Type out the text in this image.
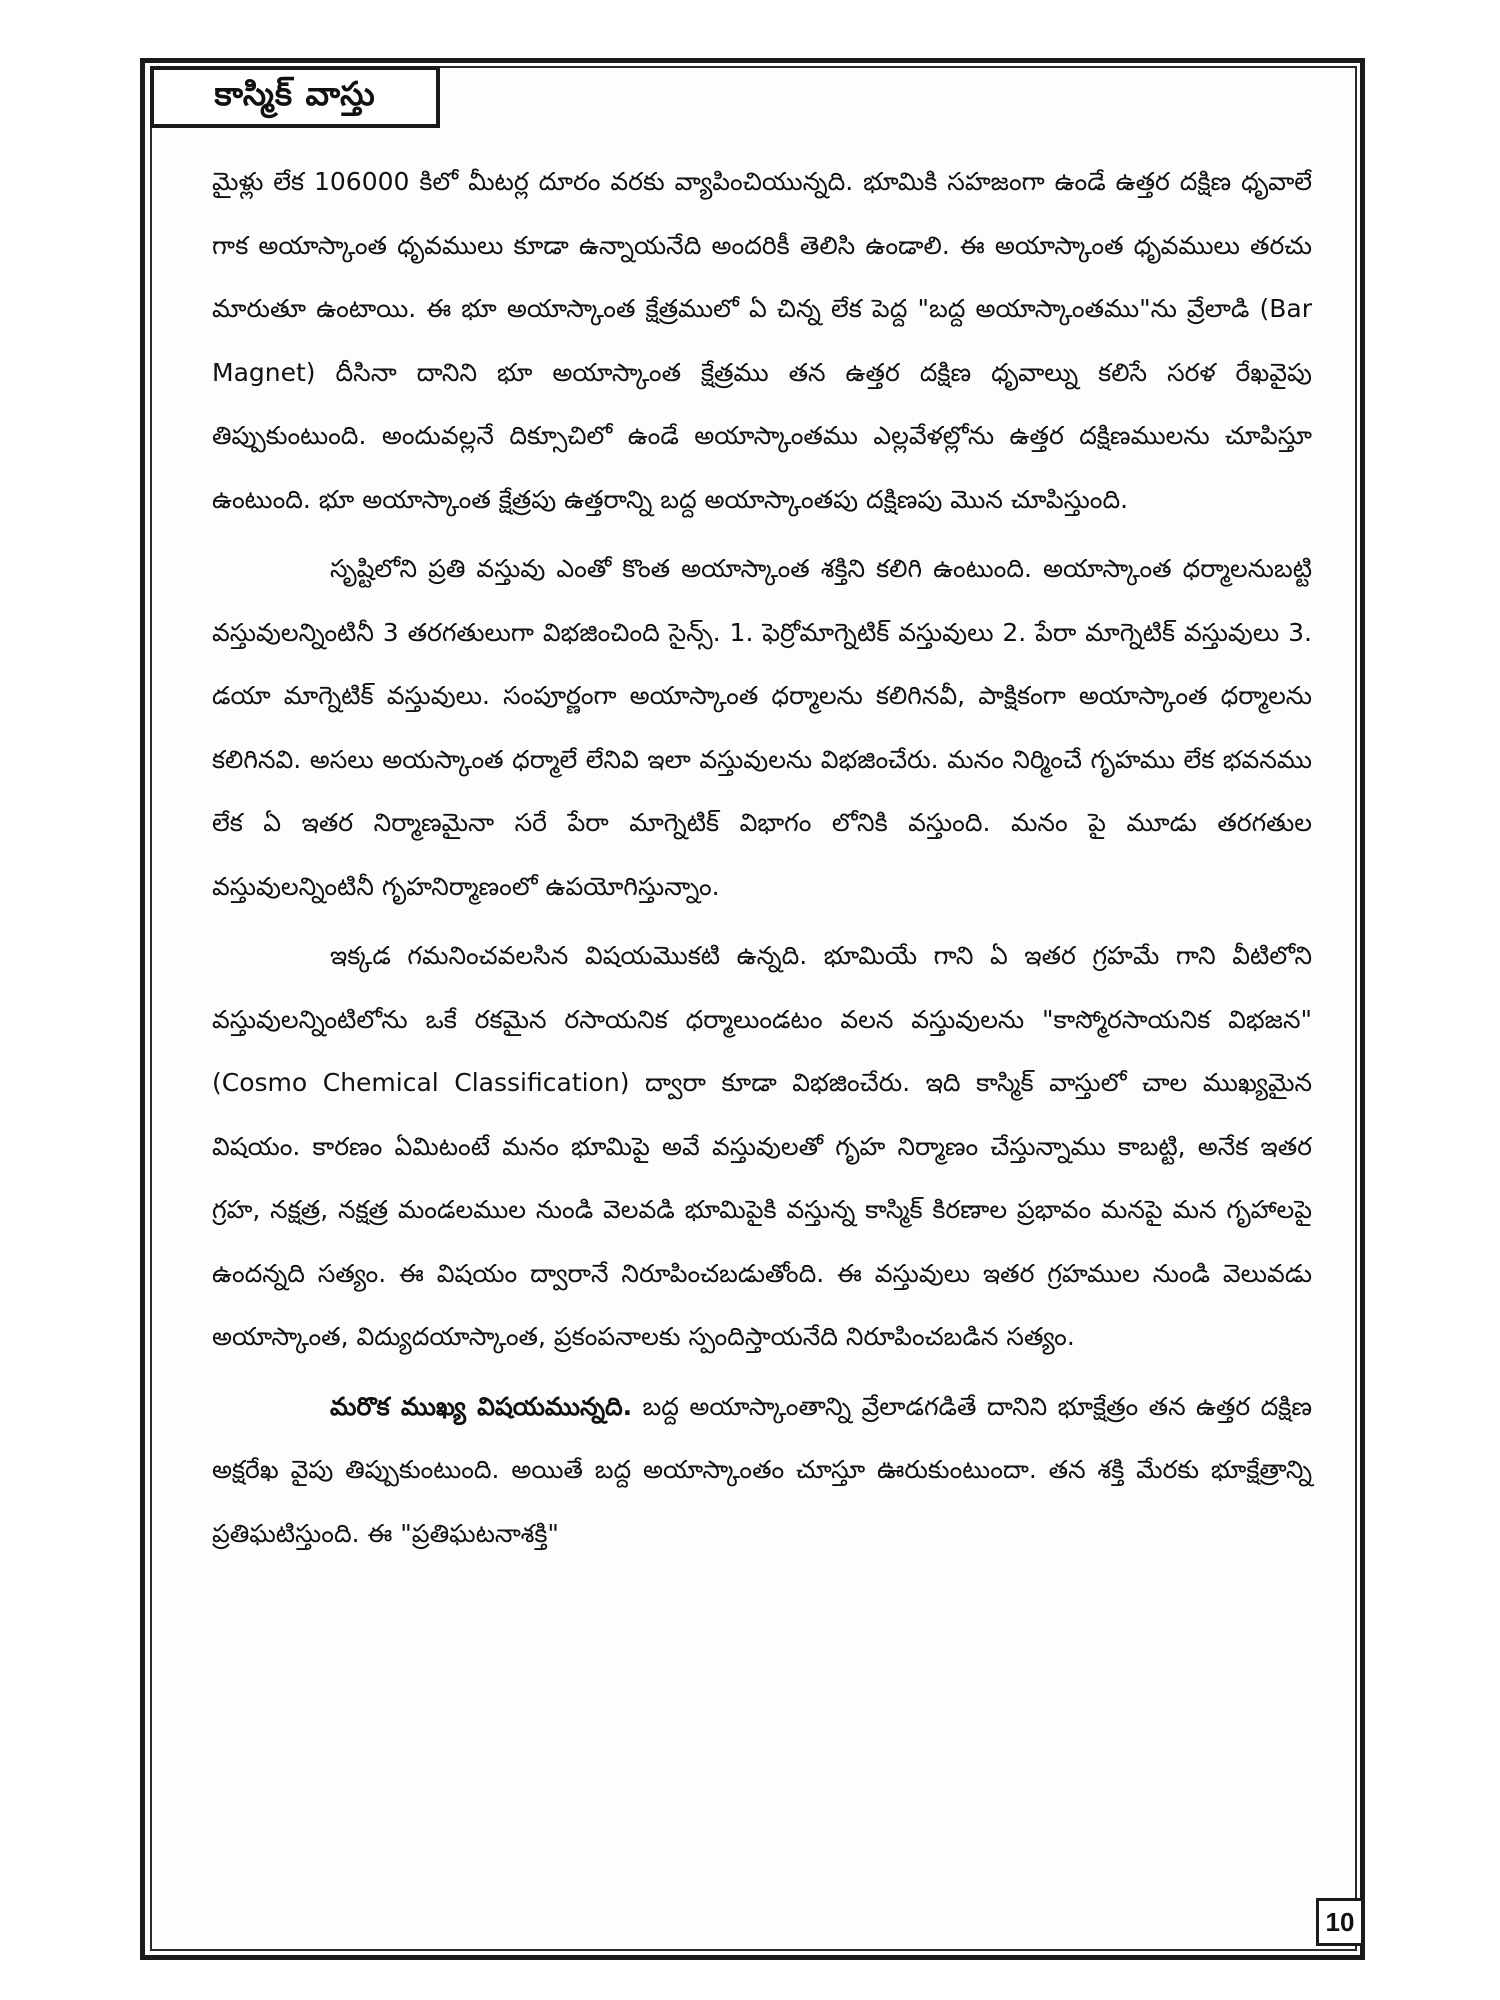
కాస్మిక్ వాస్తు

మైళ్లు లేక 106000 కిలో మీటర్ల దూరం వరకు వ్యాపించియున్నది. భూమికి సహజంగా ఉండే ఉత్తర దక్షిణ ధృవాలే గాక అయాస్కాంత ధృవములు కూడా ఉన్నాయనేది అందరికీ తెలిసి ఉండాలి. ఈ అయాస్కాంత ధృవములు తరచు మారుతూ ఉంటాయి. ఈ భూ అయాస్కాంత క్షేత్రములో ఏ చిన్న లేక పెద్ద "బద్ద అయాస్కాంతము"ను వ్రేలాడి (Bar Magnet) దీసినా దానిని భూ అయాస్కాంత క్షేత్రము తన ఉత్తర దక్షిణ ధృవాల్ను కలిసే సరళ రేఖవైపు తిప్పుకుంటుంది. అందువల్లనే దిక్సూచిలో ఉండే అయాస్కాంతము ఎల్లవేళల్లోను ఉత్తర దక్షిణములను చూపిస్తూ ఉంటుంది. భూ అయాస్కాంత క్షేత్రపు ఉత్తరాన్ని బద్ద అయాస్కాంతపు దక్షిణపు మొన చూపిస్తుంది.

సృష్టిలోని ప్రతి వస్తువు ఎంతో కొంత అయాస్కాంత శక్తిని కలిగి ఉంటుంది. అయాస్కాంత ధర్మాలనుబట్టి వస్తువులన్నింటినీ 3 తరగతులుగా విభజించింది సైన్స్. 1. ఫెర్రోమాగ్నెటిక్ వస్తువులు 2. పేరా మాగ్నెటిక్ వస్తువులు 3. డయా మాగ్నెటిక్ వస్తువులు. సంపూర్ణంగా అయాస్కాంత ధర్మాలను కలిగినవీ, పాక్షికంగా అయాస్కాంత ధర్మాలను కలిగినవి. అసలు అయస్కాంత ధర్మాలే లేనివి ఇలా వస్తువులను విభజించేరు. మనం నిర్మించే గృహము లేక భవనము లేక ఏ ఇతర నిర్మాణమైనా సరే పేరా మాగ్నెటిక్ విభాగం లోనికి వస్తుంది. మనం పై మూడు తరగతుల వస్తువులన్నింటినీ గృహనిర్మాణంలో ఉపయోగిస్తున్నాం.

ఇక్కడ గమనించవలసిన విషయమొకటి ఉన్నది. భూమియే గాని ఏ ఇతర గ్రహమే గాని వీటిలోని వస్తువులన్నింటిలోను ఒకే రకమైన రసాయనిక ధర్మాలుండటం వలన వస్తువులను "కాస్మోరసాయనిక విభజన" (Cosmo Chemical Classification) ద్వారా కూడా విభజించేరు. ఇది కాస్మిక్ వాస్తులో చాల ముఖ్యమైన విషయం. కారణం ఏమిటంటే మనం భూమిపై అవే వస్తువులతో గృహ నిర్మాణం చేస్తున్నాము కాబట్టి, అనేక ఇతర గ్రహ, నక్షత్ర, నక్షత్ర మండలముల నుండి వెలవడి భూమిపైకి వస్తున్న కాస్మిక్ కిరణాల ప్రభావం మనపై మన గృహాలపై ఉందన్నది సత్యం. ఈ విషయం ద్వారానే నిరూపించబడుతోంది. ఈ వస్తువులు ఇతర గ్రహముల నుండి వెలువడు అయాస్కాంత, విద్యుదయాస్కాంత, ప్రకంపనాలకు స్పందిస్తాయనేది నిరూపించబడిన సత్యం.

మరొక ముఖ్య విషయమున్నది. బద్ద అయాస్కాంతాన్ని వ్రేలాడగడితే దానిని భూక్షేత్రం తన ఉత్తర దక్షిణ అక్షరేఖ వైపు తిప్పుకుంటుంది. అయితే బద్ద అయాస్కాంతం చూస్తూ ఊరుకుంటుందా. తన శక్తి మేరకు భూక్షేత్రాన్ని ప్రతిఘటిస్తుంది. ఈ "ప్రతిఘటనాశక్తి"

10
